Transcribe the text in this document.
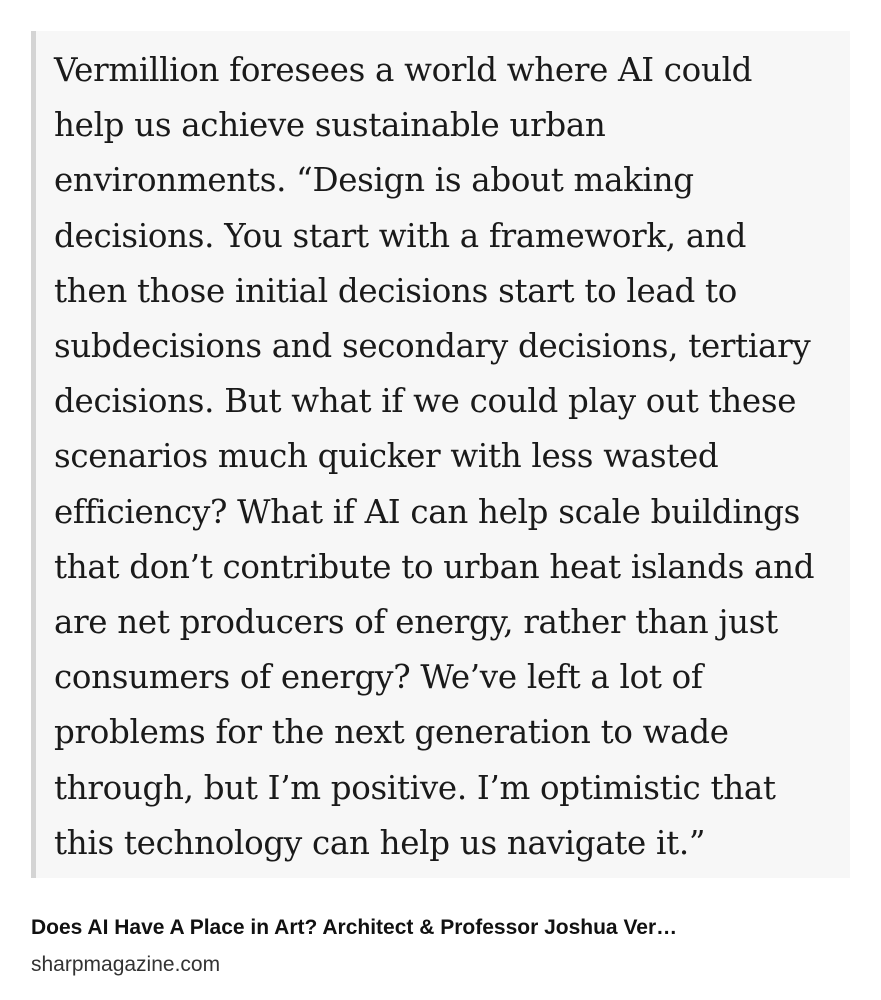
Vermillion foresees a world where AI could
help us achieve sustainable urban
environments. “Design is about making
decisions. You start with a framework, and
then those initial decisions start to lead to
subdecisions and secondary decisions, tertiary
decisions. But what if we could play out these
scenarios much quicker with less wasted
efficiency? What if AI can help scale buildings
that don’t contribute to urban heat islands and
are net producers of energy, rather than just
consumers of energy? We’ve left a lot of
problems for the next generation to wade
through, but I’m positive. I’m optimistic that
this technology can help us navigate it.”

Does AI Have A Place in Art? Architect & Professor Joshua Ver…
sharpmagazine.com
